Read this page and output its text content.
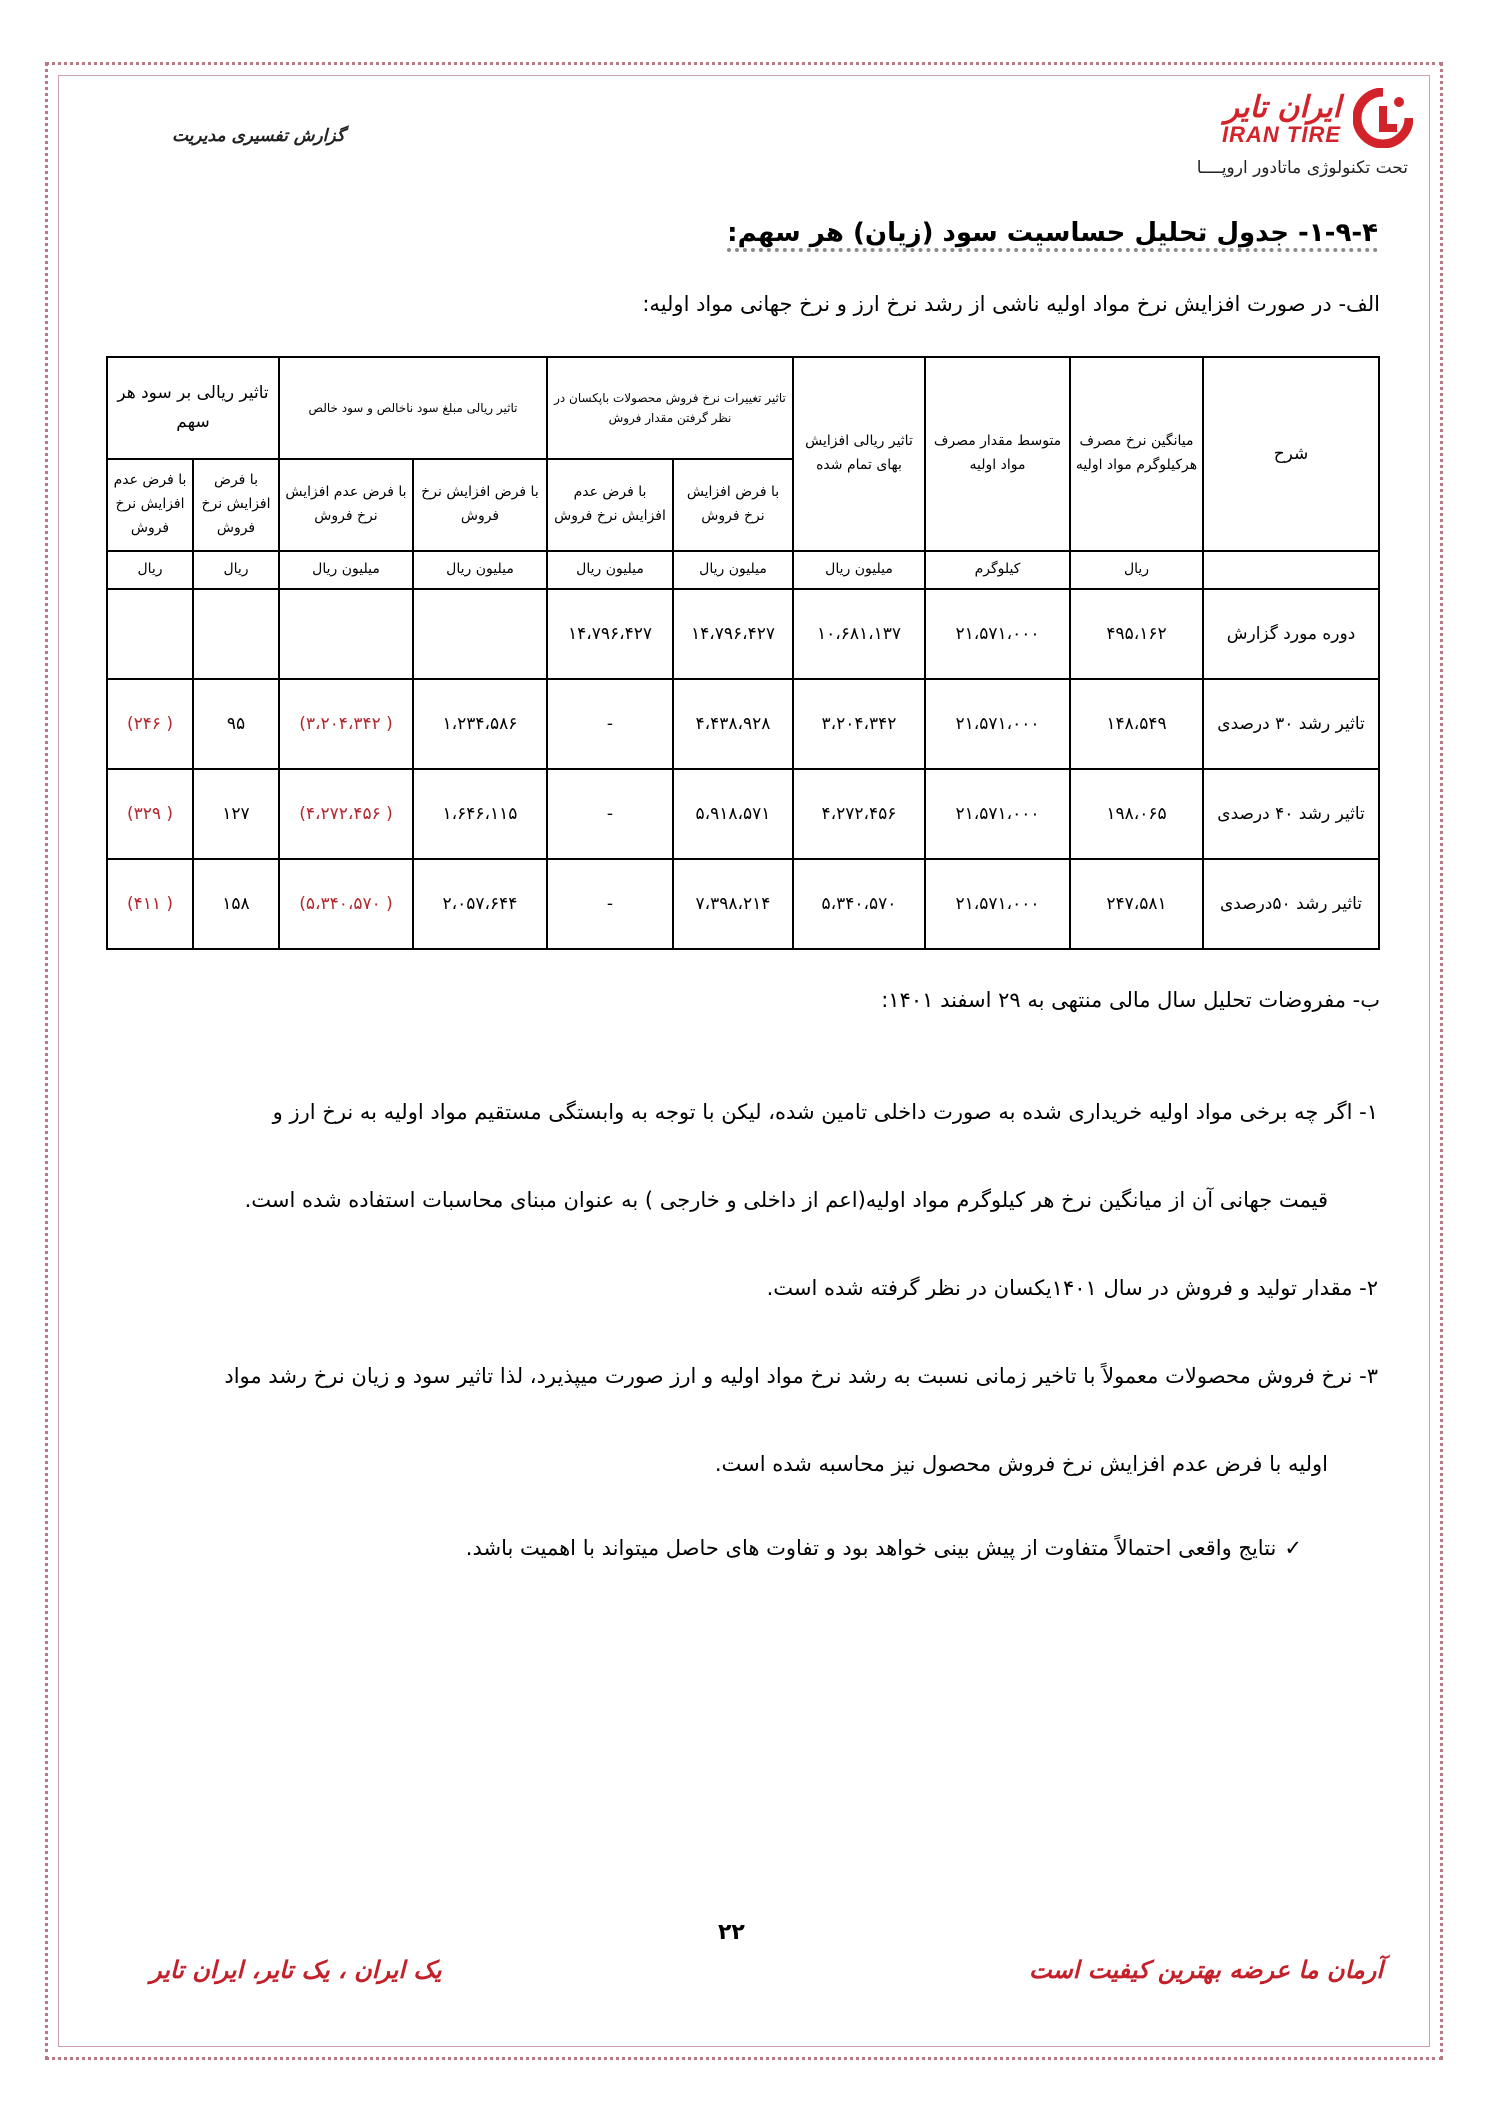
گزارش تفسیری مدیریت
ایران تایر
IRAN TIRE
تحت تکنولوژی ماتادور اروپــــا
۱-۹-۴- جدول تحلیل حساسیت سود (زیان) هر سهم:
الف- در صورت افزایش نرخ مواد اولیه ناشی از رشد نرخ ارز و نرخ جهانی مواد اولیه:
شرح	میانگین نرخ مصرف هرکیلوگرم مواد اولیه	متوسط مقدار مصرف مواد اولیه	تاثیر ریالی افزایش بهای تمام شده	تاثیر تغییرات نرخ فروش محصولات باپکسان در نظر گرفتن مقدار فروش		تاثیر ریالی مبلغ سود ناخالص و سود خالص		تاثیر ریالی بر سود هر سهم	
				با فرض افزایش نرخ فروش	با فرض عدم افزایش نرخ فروش	با فرض افزایش نرخ فروش	با فرض عدم افزایش نرخ فروش	با فرض افزایش نرخ فروش	با فرض عدم افزایش نرخ فروش
	ریال	کیلوگرم	میلیون ریال	میلیون ریال	میلیون ریال	میلیون ریال	میلیون ریال	ریال	ریال
دوره مورد گزارش	۴۹۵،۱۶۲	۲۱،۵۷۱،۰۰۰	۱۰،۶۸۱،۱۳۷	۱۴،۷۹۶،۴۲۷	۱۴،۷۹۶،۴۲۷				
تاثیر رشد ۳۰ درصدی	۱۴۸،۵۴۹	۲۱،۵۷۱،۰۰۰	۳،۲۰۴،۳۴۲	۴،۴۳۸،۹۲۸	-	۱،۲۳۴،۵۸۶	( ۳،۲۰۴،۳۴۲)	۹۵	( ۲۴۶)
تاثیر رشد ۴۰ درصدی	۱۹۸،۰۶۵	۲۱،۵۷۱،۰۰۰	۴،۲۷۲،۴۵۶	۵،۹۱۸،۵۷۱	-	۱،۶۴۶،۱۱۵	( ۴،۲۷۲،۴۵۶)	۱۲۷	( ۳۲۹)
تاثیر رشد ۵۰درصدی	۲۴۷،۵۸۱	۲۱،۵۷۱،۰۰۰	۵،۳۴۰،۵۷۰	۷،۳۹۸،۲۱۴	-	۲،۰۵۷،۶۴۴	( ۵،۳۴۰،۵۷۰)	۱۵۸	( ۴۱۱)
ب- مفروضات تحلیل سال مالی منتهی به ۲۹ اسفند ۱۴۰۱:
۱- اگر چه برخی مواد اولیه خریداری شده به صورت داخلی تامین شده، لیکن با توجه به وابستگی مستقیم مواد اولیه به نرخ ارز و
قیمت جهانی آن از میانگین نرخ هر کیلوگرم مواد اولیه(اعم از داخلی و خارجی ) به عنوان مبنای محاسبات استفاده شده است.
۲- مقدار تولید و فروش در سال ۱۴۰۱یکسان در نظر گرفته شده است.
۳- نرخ فروش محصولات معمولاً با تاخیر زمانی نسبت به رشد نرخ مواد اولیه و ارز صورت میپذیرد، لذا تاثیر سود و زیان نرخ رشد مواد
اولیه با فرض عدم افزایش نرخ فروش محصول نیز محاسبه شده است.
✓نتایج واقعی احتمالاً متفاوت از پیش بینی خواهد بود و تفاوت های حاصل میتواند با اهمیت باشد.
۲۲
آرمان ما عرضه بهترین کیفیت است
یک ایران ، یک تایر، ایران تایر
